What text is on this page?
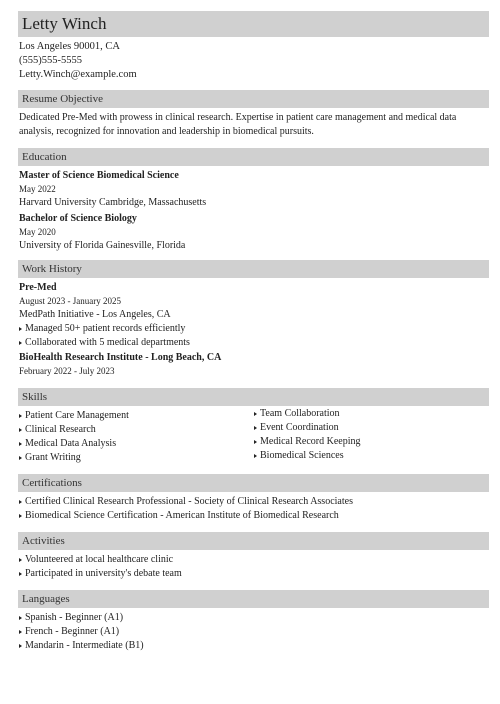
Letty Winch
Los Angeles 90001, CA
(555)555-5555
Letty.Winch@example.com
Resume Objective
Dedicated Pre-Med with prowess in clinical research. Expertise in patient care management and medical data analysis, recognized for innovation and leadership in biomedical pursuits.
Education
Master of Science Biomedical Science
May 2022
Harvard University Cambridge, Massachusetts
Bachelor of Science Biology
May 2020
University of Florida Gainesville, Florida
Work History
Pre-Med
August 2023 - January 2025
MedPath Initiative - Los Angeles, CA
Managed 50+ patient records efficiently
Collaborated with 5 medical departments
BioHealth Research Institute - Long Beach, CA
February 2022 - July 2023
Skills
Patient Care Management
Clinical Research
Medical Data Analysis
Grant Writing
Team Collaboration
Event Coordination
Medical Record Keeping
Biomedical Sciences
Certifications
Certified Clinical Research Professional - Society of Clinical Research Associates
Biomedical Science Certification - American Institute of Biomedical Research
Activities
Volunteered at local healthcare clinic
Participated in university's debate team
Languages
Spanish - Beginner (A1)
French - Beginner (A1)
Mandarin - Intermediate (B1)
